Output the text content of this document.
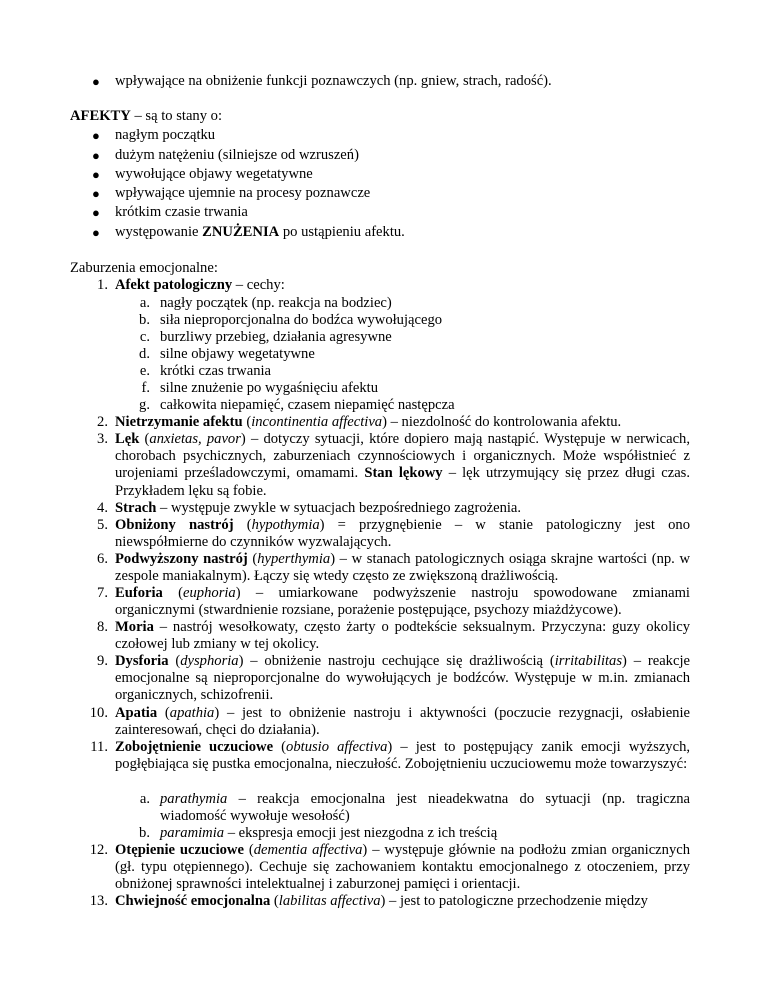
● wpływające na obniżenie funkcji poznawczych (np. gniew, strach, radość).
AFEKTY – są to stany o:
● nagłym początku
● dużym natężeniu (silniejsze od wzruszeń)
● wywołujące objawy wegetatywne
● wpływające ujemnie na procesy poznawcze
● krótkim czasie trwania
● występowanie ZNUŻENIA po ustąpieniu afektu.
Zaburzenia emocjonalne:
1. Afekt patologiczny – cechy:
a. nagły początek (np. reakcja na bodziec)
b. siła nieproporcjonalna do bodźca wywołującego
c. burzliwy przebieg, działania agresywne
d. silne objawy wegetatywne
e. krótki czas trwania
f. silne znużenie po wygaśnięciu afektu
g. całkowita niepamięć, czasem niepamięć następcza
2. Nietrzymanie afektu (incontinentia affectiva) – niezdolność do kontrolowania afektu.
3. Lęk (anxietas, pavor) – dotyczy sytuacji, które dopiero mają nastąpić. Występuje w nerwicach, chorobach psychicznych, zaburzeniach czynnościowych i organicznych. Może współistnieć z urojeniami prześladowczymi, omamami. Stan lękowy – lęk utrzymujący się przez długi czas. Przykładem lęku są fobie.
4. Strach – występuje zwykle w sytuacjach bezpośredniego zagrożenia.
5. Obniżony nastrój (hypothymia) = przygnębienie – w stanie patologiczny jest ono niewspółmierne do czynników wyzwalających.
6. Podwyższony nastrój (hyperthymia) – w stanach patologicznych osiąga skrajne wartości (np. w zespole maniakalnym). Łączy się wtedy często ze zwiększoną drażliwością.
7. Euforia (euphoria) – umiarkowane podwyższenie nastroju spowodowane zmianami organicznymi (stwardnienie rozsiane, porażenie postępujące, psychozy miażdżycowe).
8. Moria – nastrój wesołkowaty, często żarty o podtekście seksualnym. Przyczyna: guzy okolicy czołowej lub zmiany w tej okolicy.
9. Dysforia (dysphoria) – obniżenie nastroju cechujące się drażliwością (irritabilitas) – reakcje emocjonalne są nieproporcjonalne do wywołujących je bodźców. Występuje w m.in. zmianach organicznych, schizofrenii.
10. Apatia (apathia) – jest to obniżenie nastroju i aktywności (poczucie rezygnacji, osłabienie zainteresowań, chęci do działania).
11. Zobojętnienie uczuciowe (obtusio affectiva) – jest to postępujący zanik emocji wyższych, pogłębiająca się pustka emocjonalna, nieczułość. Zobojętnieniu uczuciowemu może towarzyszyć:
a. parathymia – reakcja emocjonalna jest nieadekwatna do sytuacji (np. tragiczna wiadomość wywołuje wesołość)
b. paramimia – ekspresja emocji jest niezgodna z ich treścią
12. Otępienie uczuciowe (dementia affectiva) – występuje głównie na podłożu zmian organicznych (gł. typu otępiennego). Cechuje się zachowaniem kontaktu emocjonalnego z otoczeniem, przy obniżonej sprawności intelektualnej i zaburzonej pamięci i orientacji.
13. Chwiejność emocjonalna (labilitas affectiva) – jest to patologiczne przechodzenie między
